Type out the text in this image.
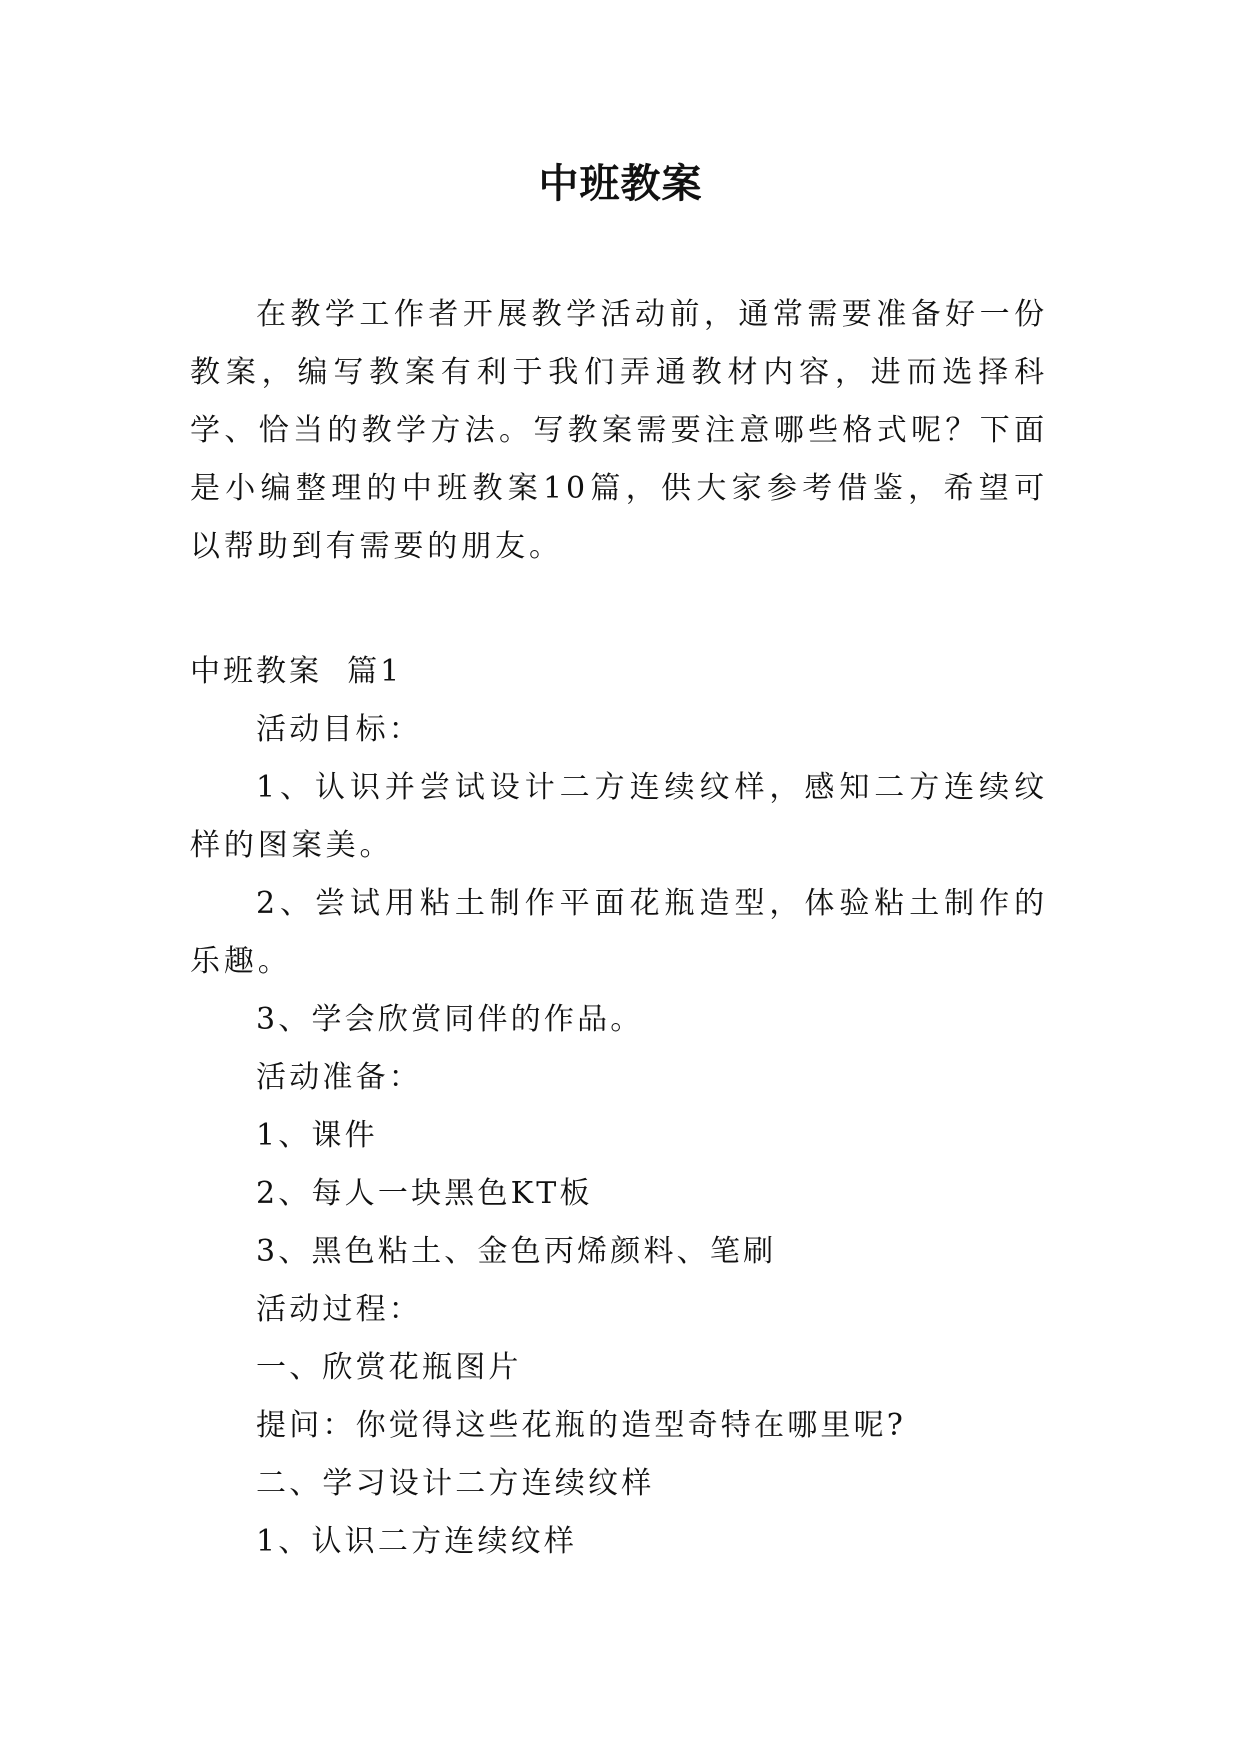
中班教案

在教学工作者开展教学活动前，通常需要准备好一份教案，编写教案有利于我们弄通教材内容，进而选择科学、恰当的教学方法。写教案需要注意哪些格式呢？下面是小编整理的中班教案10篇，供大家参考借鉴，希望可以帮助到有需要的朋友。

中班教案  篇1

活动目标：

1、认识并尝试设计二方连续纹样，感知二方连续纹样的图案美。

2、尝试用粘土制作平面花瓶造型，体验粘土制作的乐趣。

3、学会欣赏同伴的作品。

活动准备：

1、课件

2、每人一块黑色KT板

3、黑色粘土、金色丙烯颜料、笔刷

活动过程：

一、欣赏花瓶图片

提问：你觉得这些花瓶的造型奇特在哪里呢?

二、学习设计二方连续纹样

1、认识二方连续纹样
